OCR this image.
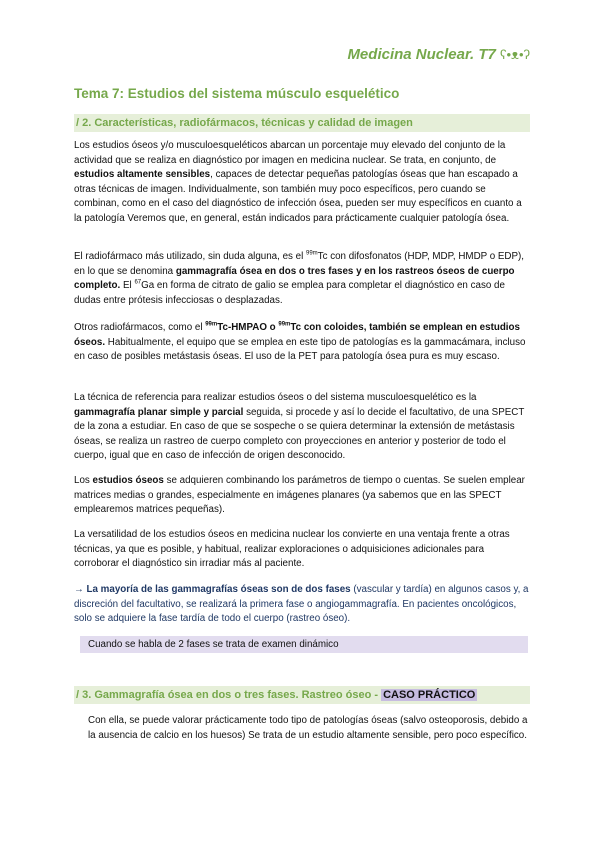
Medicina Nuclear. T7 ʕ•ᴥ•ʔ
Tema 7: Estudios del sistema músculo esquelético
/ 2. Características, radiofármacos, técnicas y calidad de imagen

Los estudios óseos y/o musculoesqueléticos abarcan un porcentaje muy elevado del conjunto de la actividad que se realiza en diagnóstico por imagen en medicina nuclear. Se trata, en conjunto, de estudios altamente sensibles, capaces de detectar pequeñas patologías óseas que han escapado a otras técnicas de imagen. Individualmente, son también muy poco específicos, pero cuando se combinan, como en el caso del diagnóstico de infección ósea, pueden ser muy específicos en cuanto a la patología Veremos que, en general, están indicados para prácticamente cualquier patología ósea.

El radiofármaco más utilizado, sin duda alguna, es el $^{99m}$Tc con difosfonatos (HDP, MDP, HMDP o EDP), en lo que se denomina gammagrafía ósea en dos o tres fases y en los rastreos óseos de cuerpo completo. El $^{67}$Ga en forma de citrato de galio se emplea para completar el diagnóstico en caso de dudas entre prótesis infecciosas o desplazadas.

Otros radiofármacos, como el $^{99m}$Tc-HMPAO o $^{99m}$Tc con coloides, también se emplean en estudios óseos. Habitualmente, el equipo que se emplea en este tipo de patologías es la gammacámara, incluso en caso de posibles metástasis óseas. El uso de la PET para patología ósea pura es muy escaso.

La técnica de referencia para realizar estudios óseos o del sistema musculoesquelético es la gammagrafía planar simple y parcial seguida, si procede y así lo decide el facultativo, de una SPECT de la zona a estudiar. En caso de que se sospeche o se quiera determinar la extensión de metástasis óseas, se realiza un rastreo de cuerpo completo con proyecciones en anterior y posterior de todo el cuerpo, igual que en caso de infección de origen desconocido.

Los estudios óseos se adquieren combinando los parámetros de tiempo o cuentas. Se suelen emplear matrices medias o grandes, especialmente en imágenes planares (ya sabemos que en las SPECT emplearemos matrices pequeñas).

La versatilidad de los estudios óseos en medicina nuclear los convierte en una ventaja frente a otras técnicas, ya que es posible, y habitual, realizar exploraciones o adquisiciones adicionales para corroborar el diagnóstico sin irradiar más al paciente.

→ La mayoría de las gammagrafías óseas son de dos fases (vascular y tardía) en algunos casos y, a discreción del facultativo, se realizará la primera fase o angiogammagrafía. En pacientes oncológicos, solo se adquiere la fase tardía de todo el cuerpo (rastreo óseo).

Cuando se habla de 2 fases se trata de examen dinámico
/ 3. Gammagrafía ósea en dos o tres fases. Rastreo óseo - CASO PRÁCTICO

Con ella, se puede valorar prácticamente todo tipo de patologías óseas (salvo osteoporosis, debido a la ausencia de calcio en los huesos) Se trata de un estudio altamente sensible, pero poco específico.
